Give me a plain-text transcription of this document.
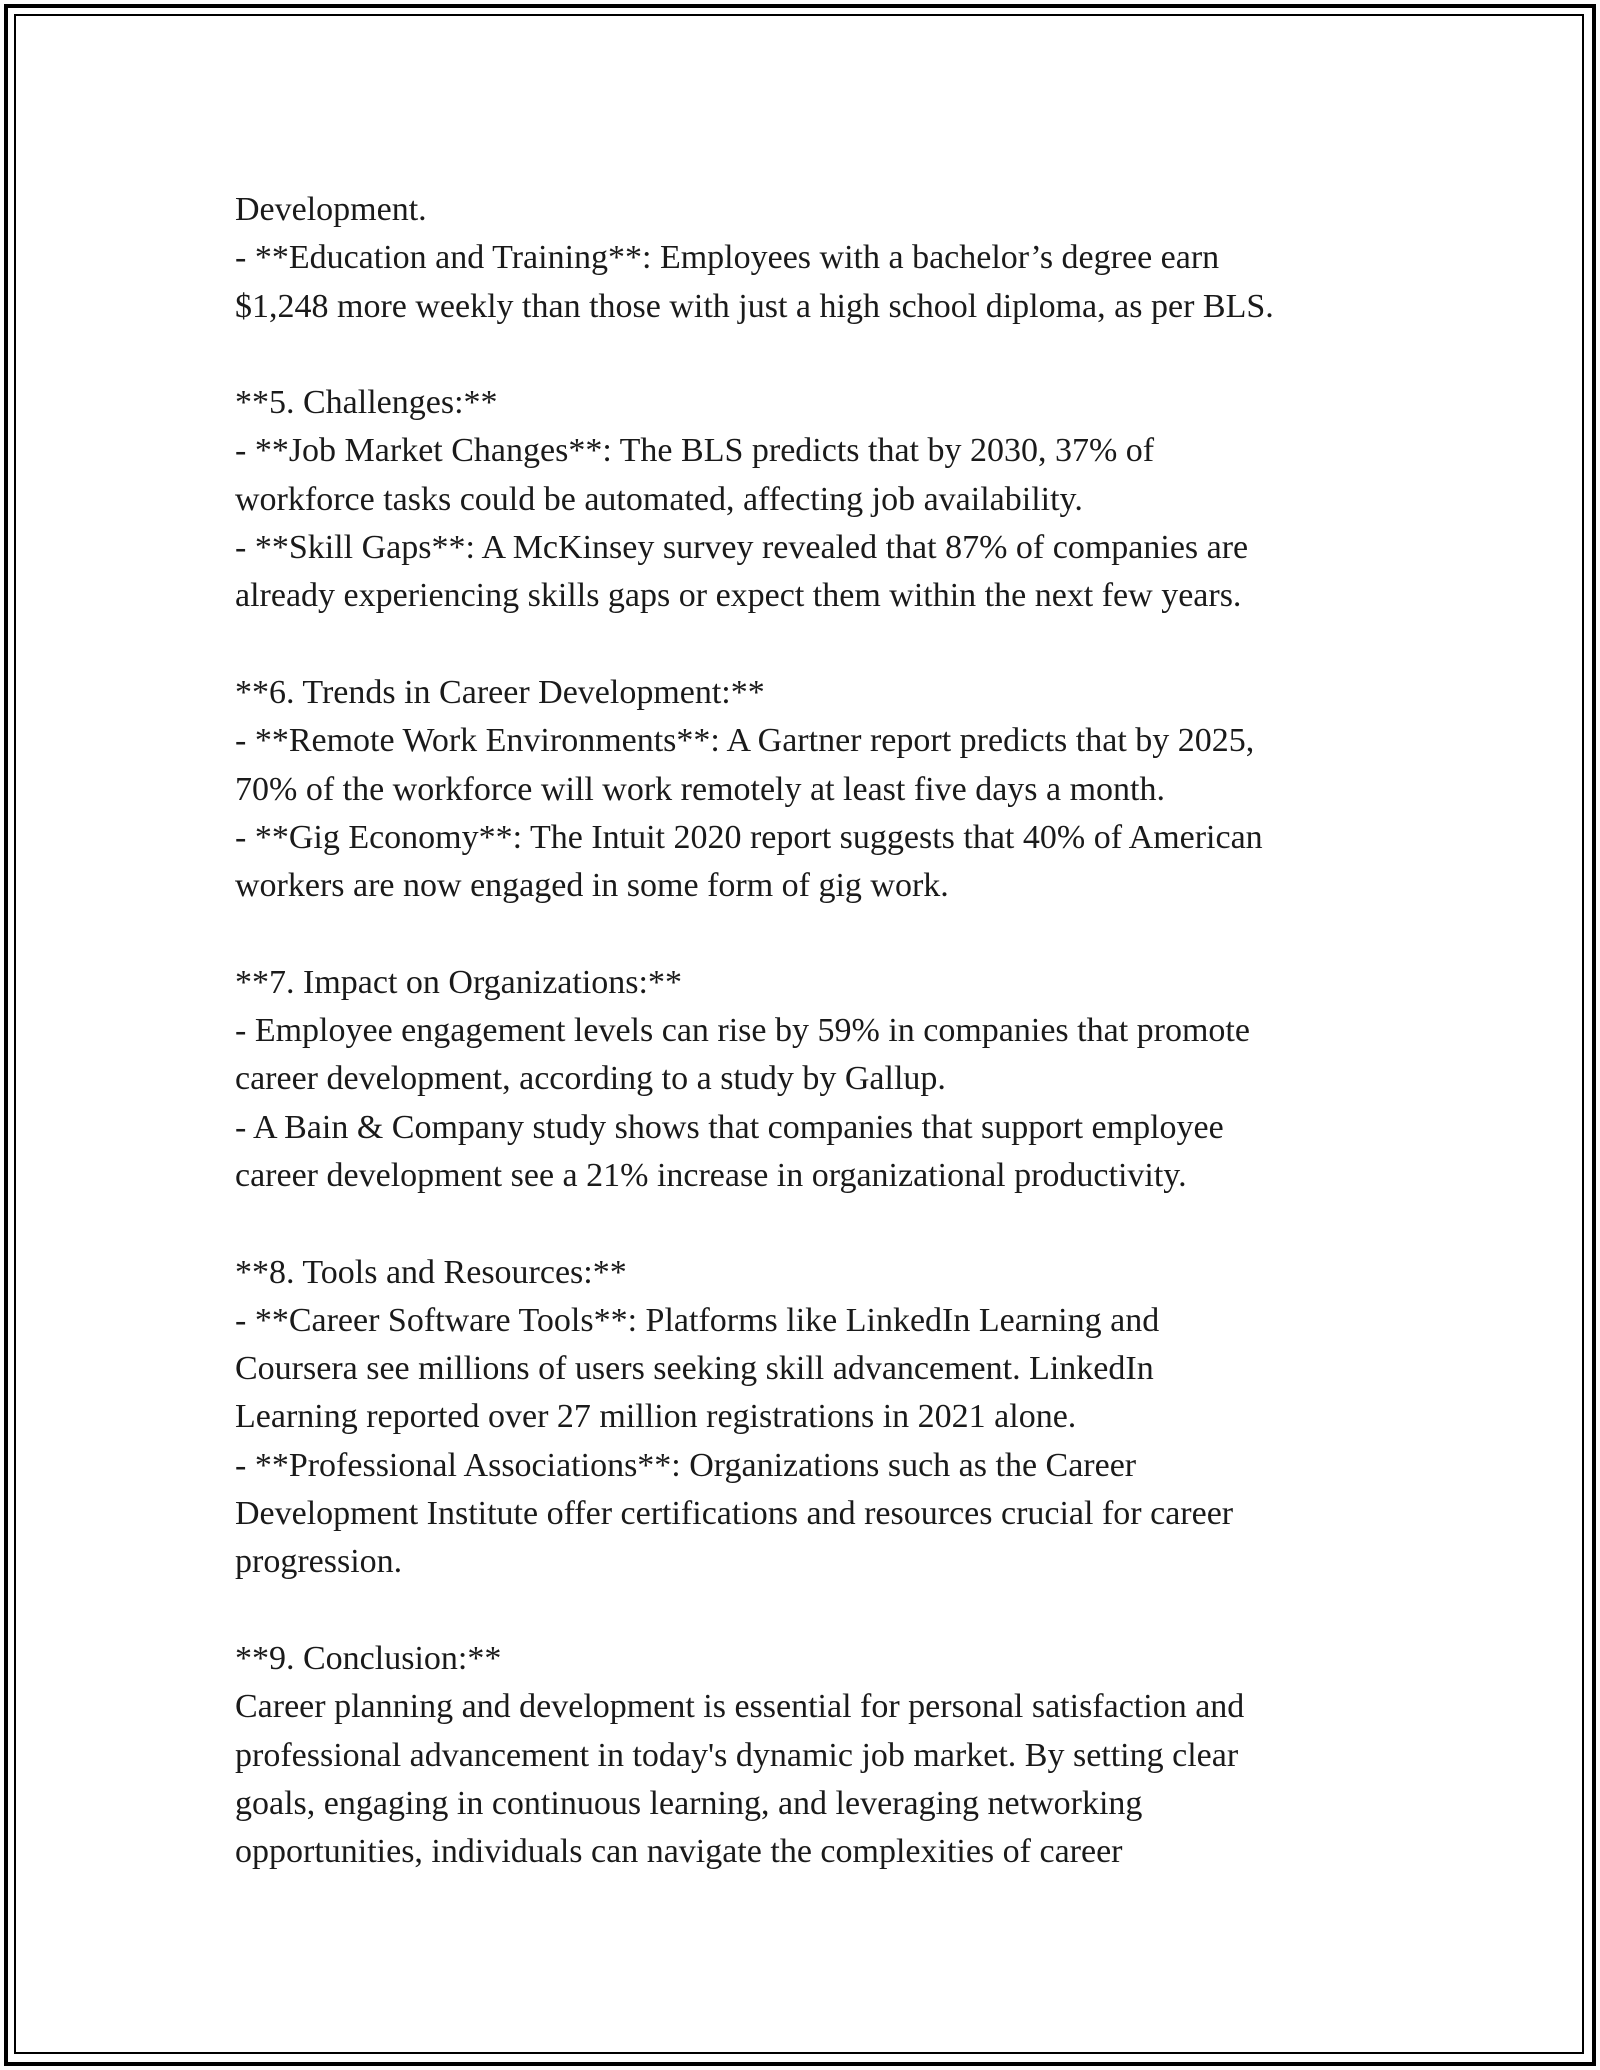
Development.
- **Education and Training**: Employees with a bachelor’s degree earn
$1,248 more weekly than those with just a high school diploma, as per BLS.
**5. Challenges:**
- **Job Market Changes**: The BLS predicts that by 2030, 37% of
workforce tasks could be automated, affecting job availability.
- **Skill Gaps**: A McKinsey survey revealed that 87% of companies are
already experiencing skills gaps or expect them within the next few years.
**6. Trends in Career Development:**
- **Remote Work Environments**: A Gartner report predicts that by 2025,
70% of the workforce will work remotely at least five days a month.
- **Gig Economy**: The Intuit 2020 report suggests that 40% of American
workers are now engaged in some form of gig work.
**7. Impact on Organizations:**
- Employee engagement levels can rise by 59% in companies that promote
career development, according to a study by Gallup.
- A Bain & Company study shows that companies that support employee
career development see a 21% increase in organizational productivity.
**8. Tools and Resources:**
- **Career Software Tools**: Platforms like LinkedIn Learning and
Coursera see millions of users seeking skill advancement. LinkedIn
Learning reported over 27 million registrations in 2021 alone.
- **Professional Associations**: Organizations such as the Career
Development Institute offer certifications and resources crucial for career
progression.
**9. Conclusion:**
Career planning and development is essential for personal satisfaction and
professional advancement in today's dynamic job market. By setting clear
goals, engaging in continuous learning, and leveraging networking
opportunities, individuals can navigate the complexities of career
